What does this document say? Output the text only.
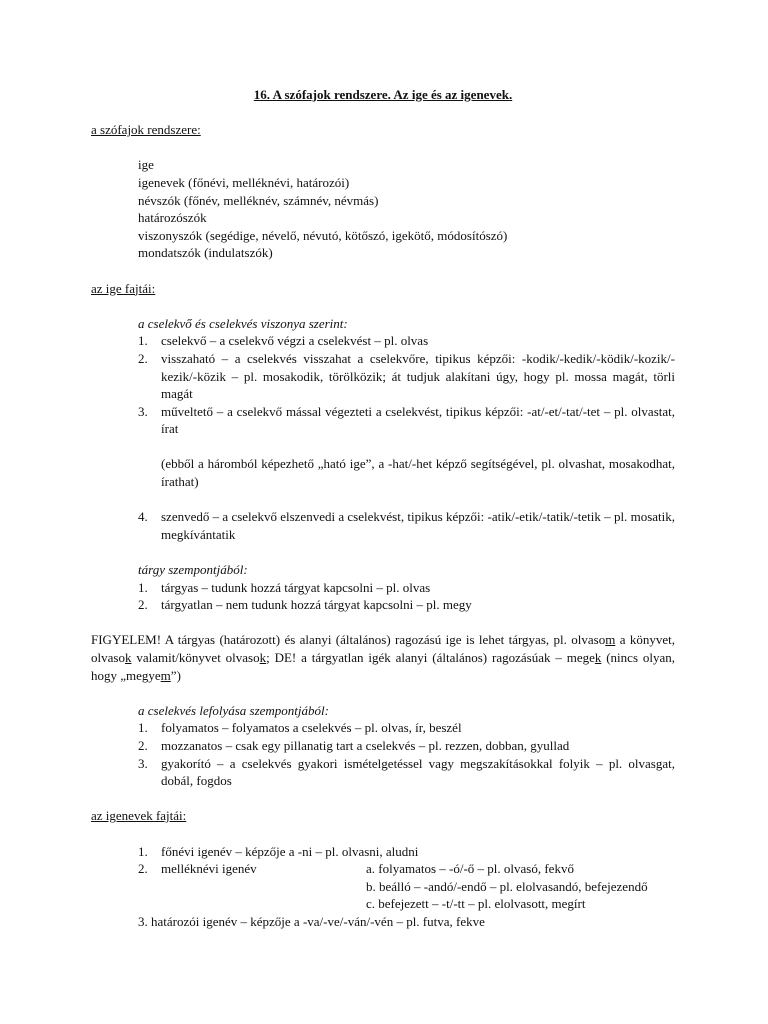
16. A szófajok rendszere. Az ige és az igenevek.

a szófajok rendszere:

ige

igenevek (főnévi, melléknévi, határozói)

névszók (főnév, melléknév, számnév, névmás)

határozószók

viszonyszók (segédige, névelő, névutó, kötőszó, igekötő, módosítószó)

mondatszók (indulatszók)

az ige fajtái:

a cselekvő és cselekvés viszonya szerint:

1. cselekvő – a cselekvő végzi a cselekvést – pl. olvas
2. visszaható – a cselekvés visszahat a cselekvőre, tipikus képzői: -kodik/-kedik/-ködik/-kozik/-kezik/-közik – pl. mosakodik, törölközik; át tudjuk alakítani úgy, hogy pl. mossa magát, törli magát
3. műveltető – a cselekvő mással végezteti a cselekvést, tipikus képzői: -at/-et/-tat/-tet – pl. olvastat, írat

(ebből a háromból képezhető „ható ige”, a -hat/-het képző segítségével, pl. olvashat, mosakodhat, írathat)

4. szenvedő – a cselekvő elszenvedi a cselekvést, tipikus képzői: -atik/-etik/-tatik/-tetik – pl. mosatik, megkívántatik

tárgy szempontjából:

1. tárgyas – tudunk hozzá tárgyat kapcsolni – pl. olvas
2. tárgyatlan – nem tudunk hozzá tárgyat kapcsolni – pl. megy

FIGYELEM! A tárgyas (határozott) és alanyi (általános) ragozású ige is lehet tárgyas, pl. olvasom a könyvet, olvasok valamit/könyvet olvasok; DE! a tárgyatlan igék alanyi (általános) ragozásúak – megek (nincs olyan, hogy „megyem”)

a cselekvés lefolyása szempontjából:

1. folyamatos – folyamatos a cselekvés – pl. olvas, ír, beszél
2. mozzanatos – csak egy pillanatig tart a cselekvés – pl. rezzen, dobban, gyullad
3. gyakorító – a cselekvés gyakori ismételgetéssel vagy megszakításokkal folyik – pl. olvasgat, dobál, fogdos

az igenevek fajtái:

1. főnévi igenév – képzője a -ni – pl. olvasni, aludni
2. melléknévi igenév	a. folyamatos – -ó/-ő – pl. olvasó, fekvő
b. beálló – -andó/-endő – pl. elolvasandó, befejezendő

c. befejezett – -t/-tt – pl. elolvasott, megírt

3. határozói igenév – képzője a -va/-ve/-ván/-vén – pl. futva, fekve
